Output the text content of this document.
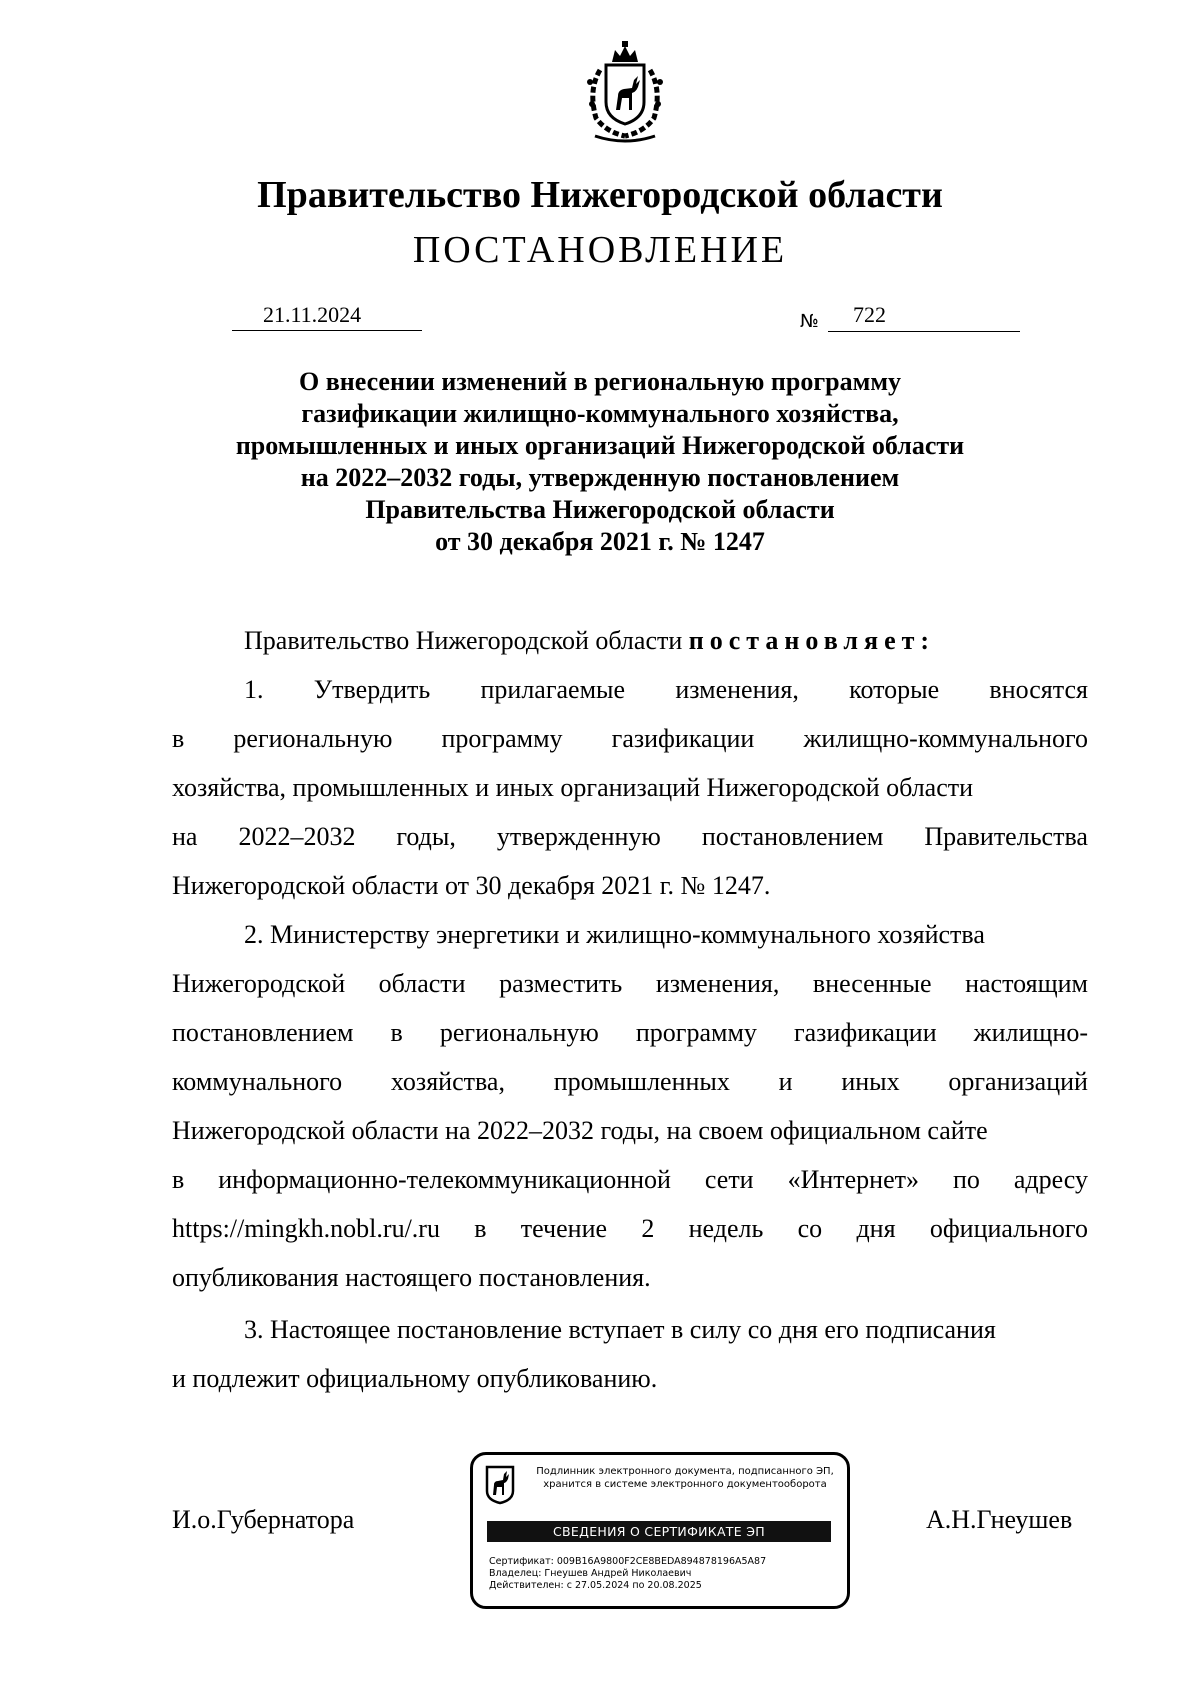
Правительство Нижегородской области
ПОСТАНОВЛЕНИЕ
21.11.2024	№ 722
О внесении изменений в региональную программу
газификации жилищно-коммунального хозяйства,
промышленных и иных организаций Нижегородской области
на 2022–2032 годы, утвержденную постановлением
Правительства Нижегородской области
от 30 декабря 2021 г. № 1247
Правительство Нижегородской области постановляет:
1. Утвердить прилагаемые изменения, которые вносятся
в региональную программу газификации жилищно-коммунального
хозяйства, промышленных и иных организаций Нижегородской области
на 2022–2032 годы, утвержденную постановлением Правительства
Нижегородской области от 30 декабря 2021 г. № 1247.
2. Министерству энергетики и жилищно-коммунального хозяйства
Нижегородской области разместить изменения, внесенные настоящим
постановлением в региональную программу газификации жилищно-
коммунального хозяйства, промышленных и иных организаций
Нижегородской области на 2022–2032 годы, на своем официальном сайте
в информационно-телекоммуникационной сети «Интернет» по адресу
https://mingkh.nobl.ru/.ru в течение 2 недель со дня официального
опубликования настоящего постановления.
3. Настоящее постановление вступает в силу со дня его подписания
и подлежит официальному опубликованию.
И.о.Губернатора	А.Н.Гнеушев
Подлинник электронного документа, подписанного ЭП,
хранится в системе электронного документооборота
СВЕДЕНИЯ О СЕРТИФИКАТЕ ЭП
Сертификат: 009B16A9800F2CE8BEDA894878196A5A87
Владелец: Гнеушев Андрей Николаевич
Действителен: с 27.05.2024 по 20.08.2025
